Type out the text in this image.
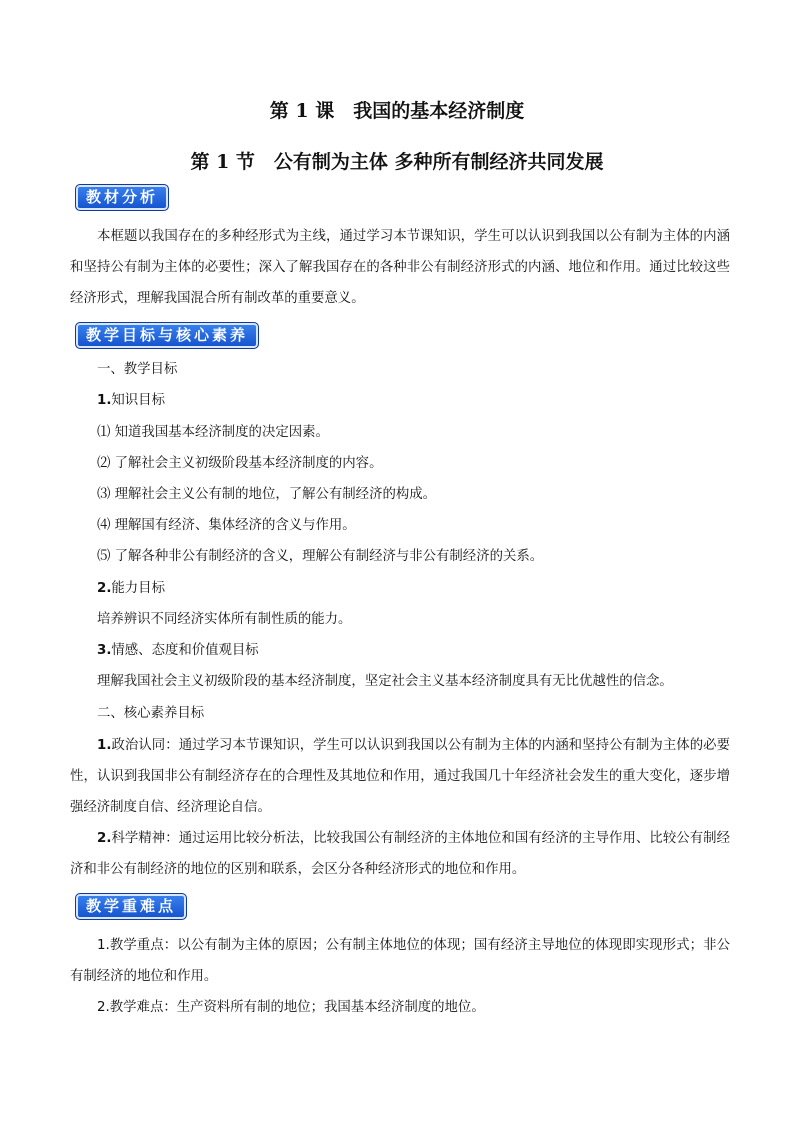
第 1 课　我国的基本经济制度
第 1 节　公有制为主体 多种所有制经济共同发展
教材分析
本框题以我国存在的多种经形式为主线，通过学习本节课知识，学生可以认识到我国以公有制为主体的内涵和坚持公有制为主体的必要性；深入了解我国存在的各种非公有制经济形式的内涵、地位和作用。通过比较这些经济形式，理解我国混合所有制改革的重要意义。
教学目标与核心素养
一、教学目标
1.知识目标
⑴ 知道我国基本经济制度的决定因素。
⑵ 了解社会主义初级阶段基本经济制度的内容。
⑶ 理解社会主义公有制的地位，了解公有制经济的构成。
⑷ 理解国有经济、集体经济的含义与作用。
⑸ 了解各种非公有制经济的含义，理解公有制经济与非公有制经济的关系。
2.能力目标
培养辨识不同经济实体所有制性质的能力。
3.情感、态度和价值观目标
理解我国社会主义初级阶段的基本经济制度，坚定社会主义基本经济制度具有无比优越性的信念。
二、核心素养目标
1.政治认同：通过学习本节课知识，学生可以认识到我国以公有制为主体的内涵和坚持公有制为主体的必要性，认识到我国非公有制经济存在的合理性及其地位和作用，通过我国几十年经济社会发生的重大变化，逐步增强经济制度自信、经济理论自信。
2.科学精神：通过运用比较分析法，比较我国公有制经济的主体地位和国有经济的主导作用、比较公有制经济和非公有制经济的地位的区别和联系，会区分各种经济形式的地位和作用。
教学重难点
1.教学重点：以公有制为主体的原因；公有制主体地位的体现；国有经济主导地位的体现即实现形式；非公有制经济的地位和作用。
2.教学难点：生产资料所有制的地位；我国基本经济制度的地位。
